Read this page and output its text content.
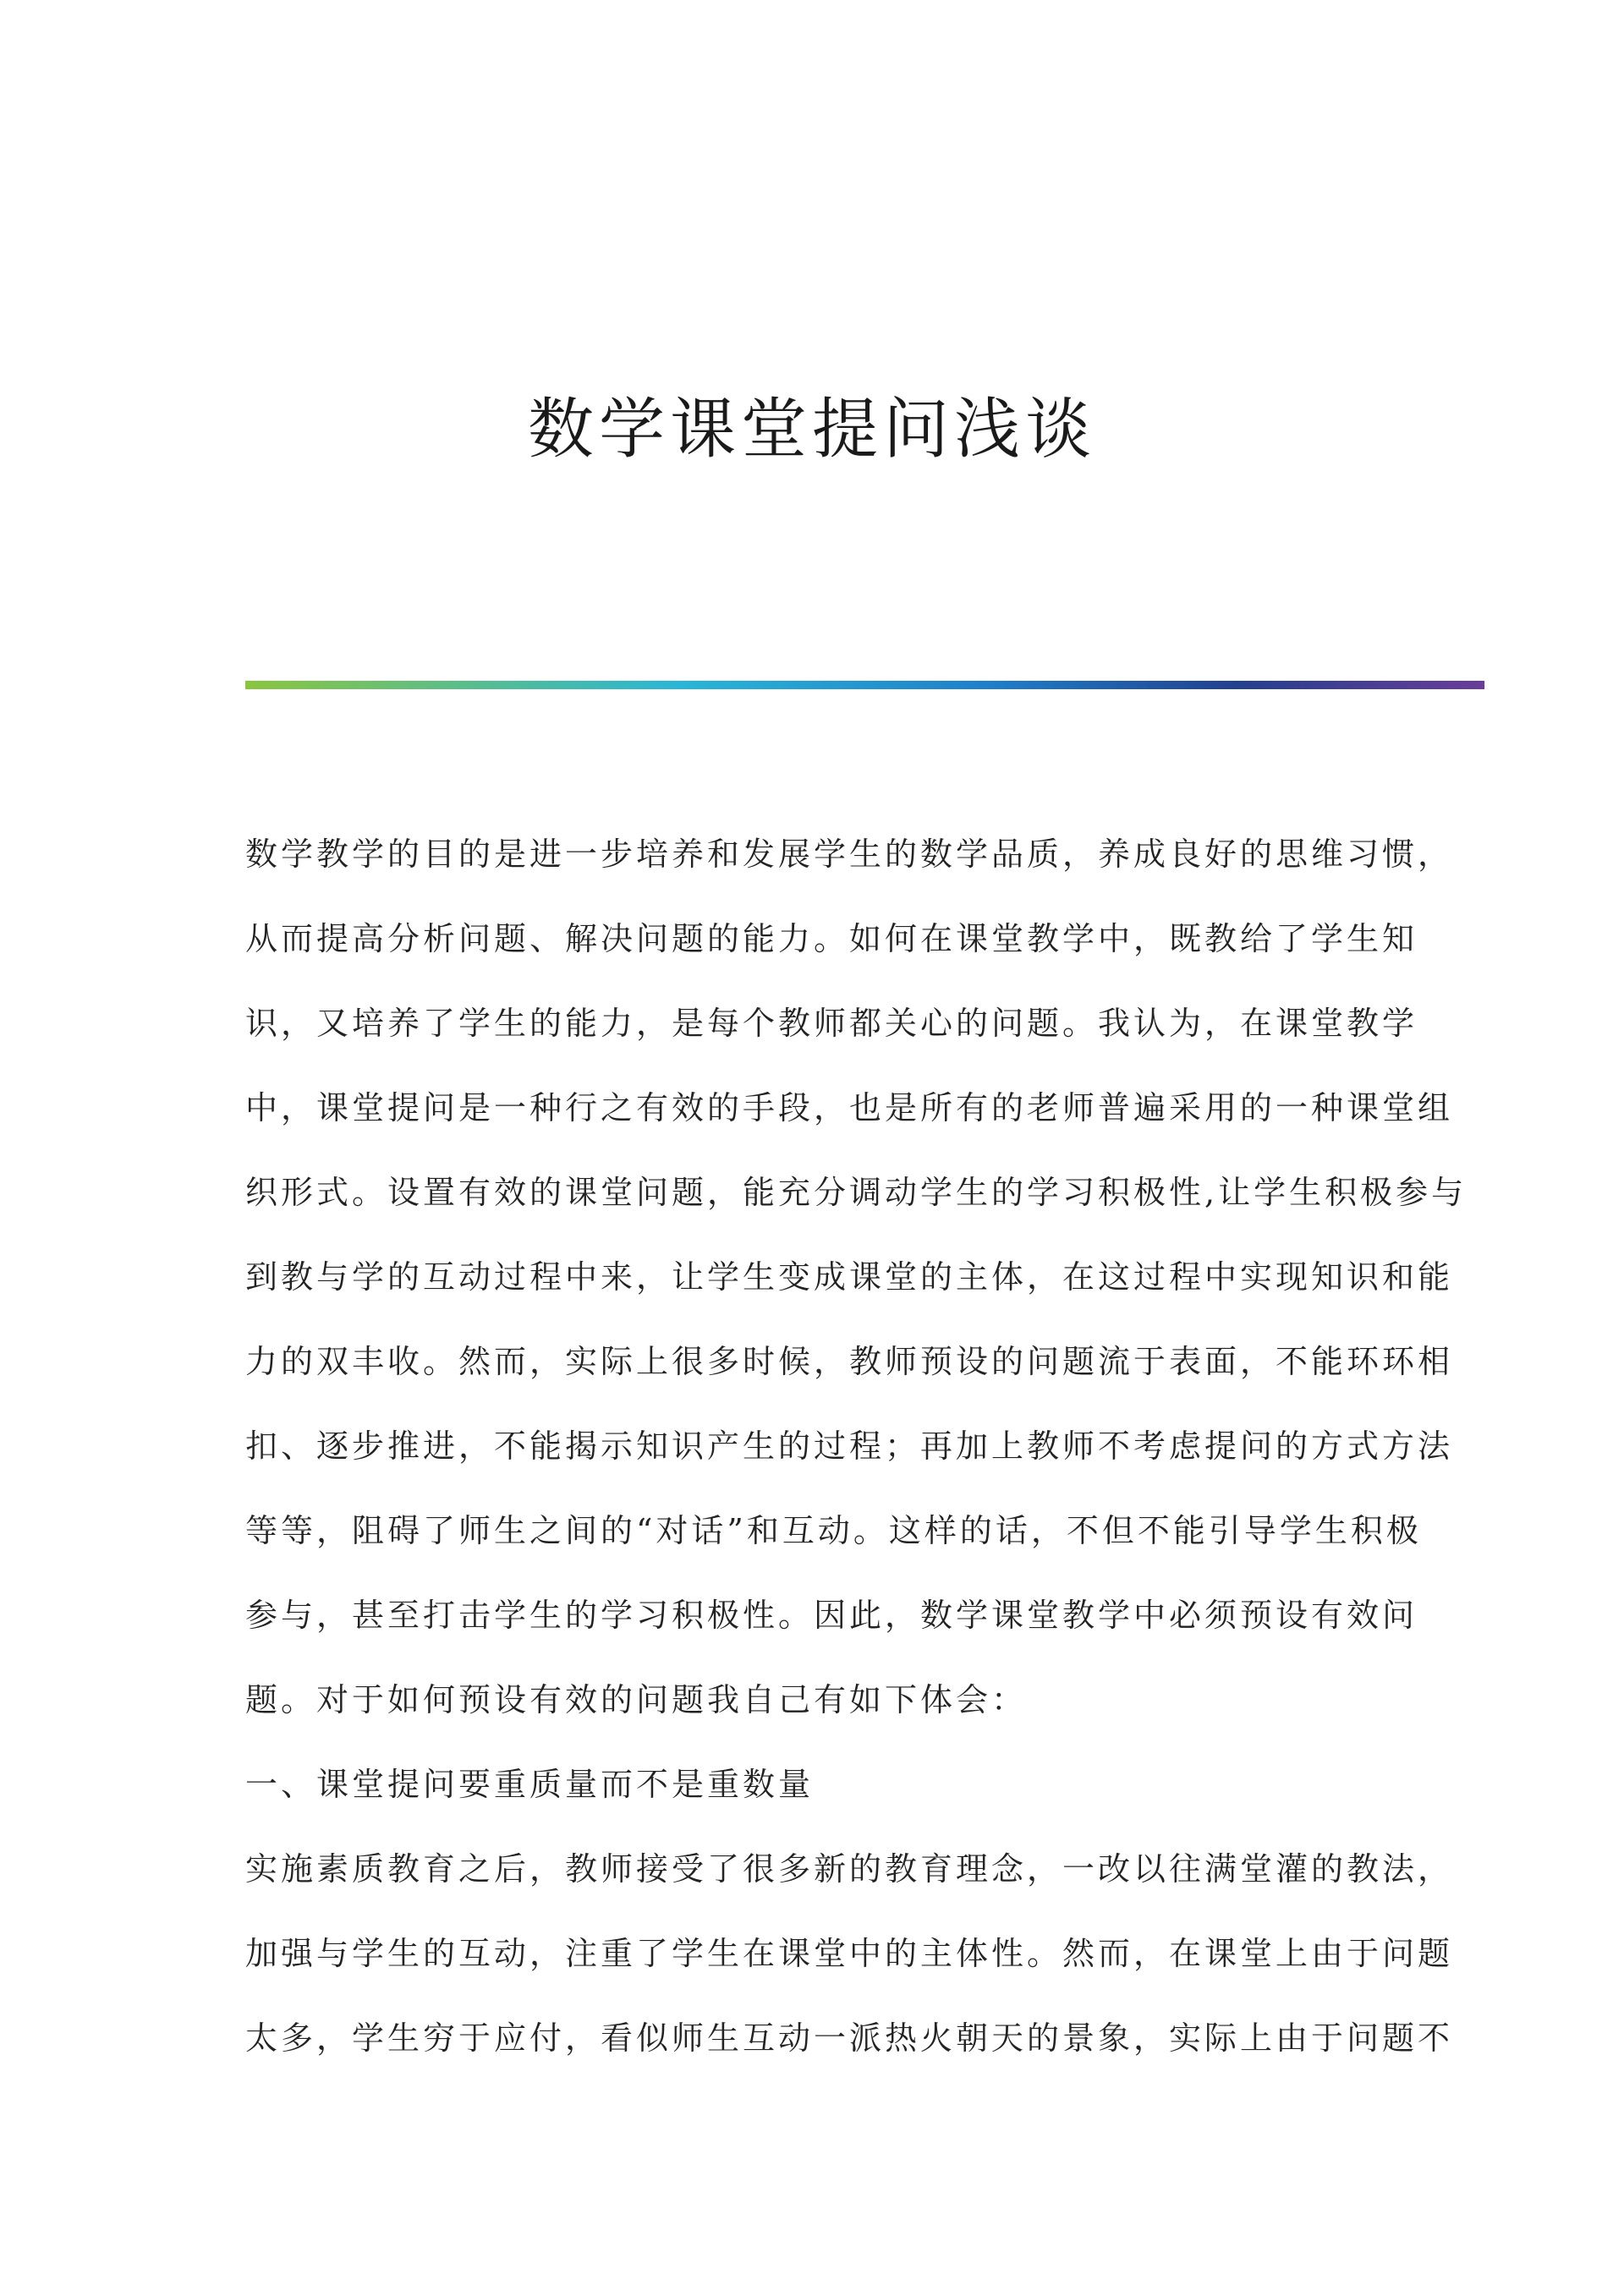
数学课堂提问浅谈

数学教学的目的是进一步培养和发展学生的数学品质，养成良好的思维习惯，

从而提高分析问题、解决问题的能力。如何在课堂教学中，既教给了学生知

识，又培养了学生的能力，是每个教师都关心的问题。我认为，在课堂教学

中，课堂提问是一种行之有效的手段，也是所有的老师普遍采用的一种课堂组

织形式。设置有效的课堂问题，能充分调动学生的学习积极性,让学生积极参与

到教与学的互动过程中来，让学生变成课堂的主体，在这过程中实现知识和能

力的双丰收。然而，实际上很多时候，教师预设的问题流于表面，不能环环相

扣、逐步推进，不能揭示知识产生的过程；再加上教师不考虑提问的方式方法

等等，阻碍了师生之间的“对话”和互动。这样的话，不但不能引导学生积极

参与，甚至打击学生的学习积极性。因此，数学课堂教学中必须预设有效问

题。对于如何预设有效的问题我自己有如下体会：

一、课堂提问要重质量而不是重数量

实施素质教育之后，教师接受了很多新的教育理念，一改以往满堂灌的教法，

加强与学生的互动，注重了学生在课堂中的主体性。然而，在课堂上由于问题

太多，学生穷于应付，看似师生互动一派热火朝天的景象，实际上由于问题不
